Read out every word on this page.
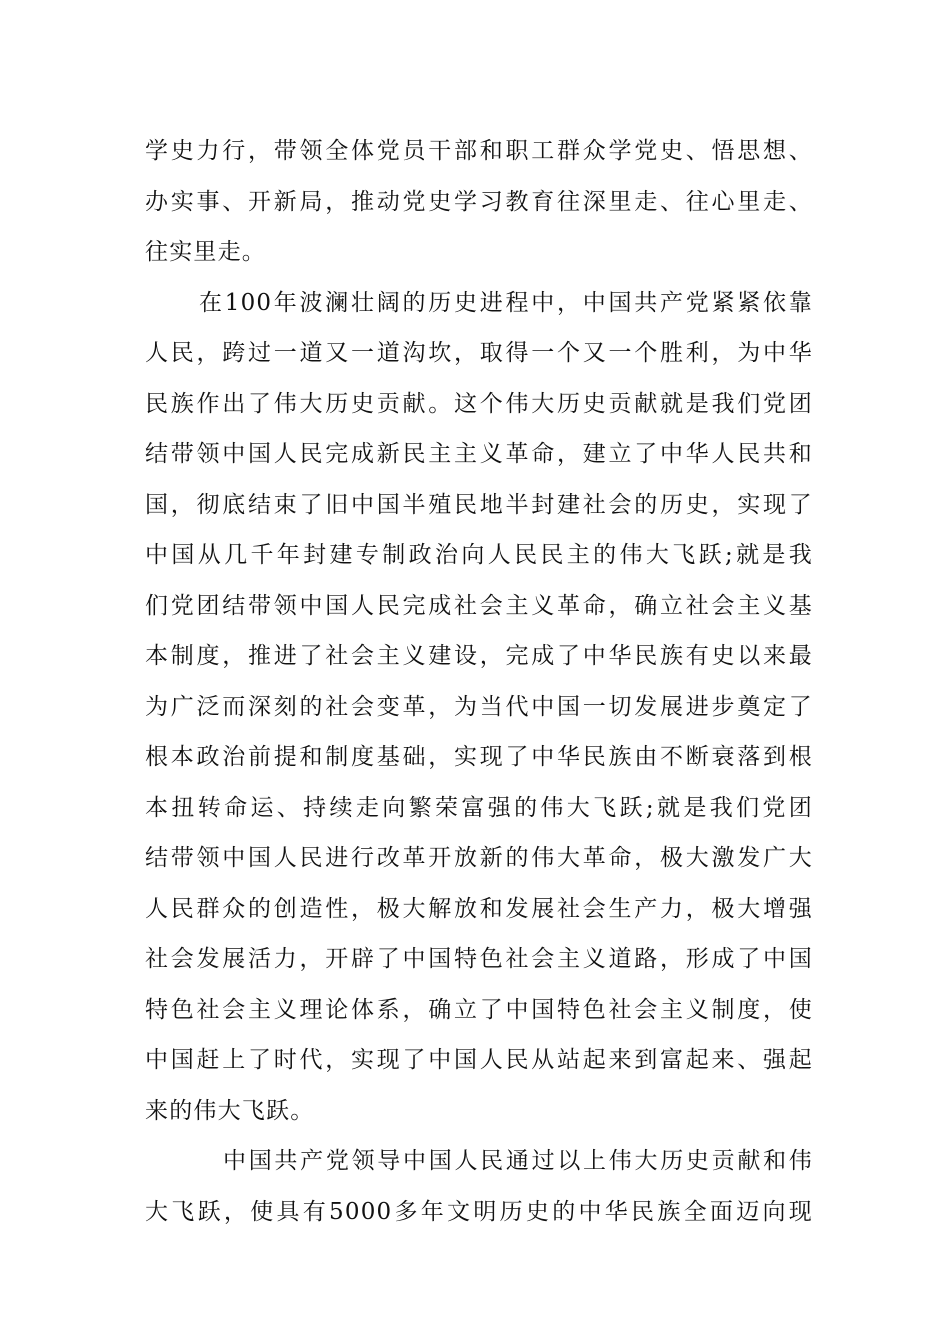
学史力行，带领全体党员干部和职工群众学党史、悟思想、
办实事、开新局，推动党史学习教育往深里走、往心里走、
往实里走。
在100年波澜壮阔的历史进程中，中国共产党紧紧依靠
人民，跨过一道又一道沟坎，取得一个又一个胜利，为中华
民族作出了伟大历史贡献。这个伟大历史贡献就是我们党团
结带领中国人民完成新民主主义革命，建立了中华人民共和
国，彻底结束了旧中国半殖民地半封建社会的历史，实现了
中国从几千年封建专制政治向人民民主的伟大飞跃;就是我
们党团结带领中国人民完成社会主义革命，确立社会主义基
本制度，推进了社会主义建设，完成了中华民族有史以来最
为广泛而深刻的社会变革，为当代中国一切发展进步奠定了
根本政治前提和制度基础，实现了中华民族由不断衰落到根
本扭转命运、持续走向繁荣富强的伟大飞跃;就是我们党团
结带领中国人民进行改革开放新的伟大革命，极大激发广大
人民群众的创造性，极大解放和发展社会生产力，极大增强
社会发展活力，开辟了中国特色社会主义道路，形成了中国
特色社会主义理论体系，确立了中国特色社会主义制度，使
中国赶上了时代，实现了中国人民从站起来到富起来、强起
来的伟大飞跃。
中国共产党领导中国人民通过以上伟大历史贡献和伟
大飞跃，使具有5000多年文明历史的中华民族全面迈向现
